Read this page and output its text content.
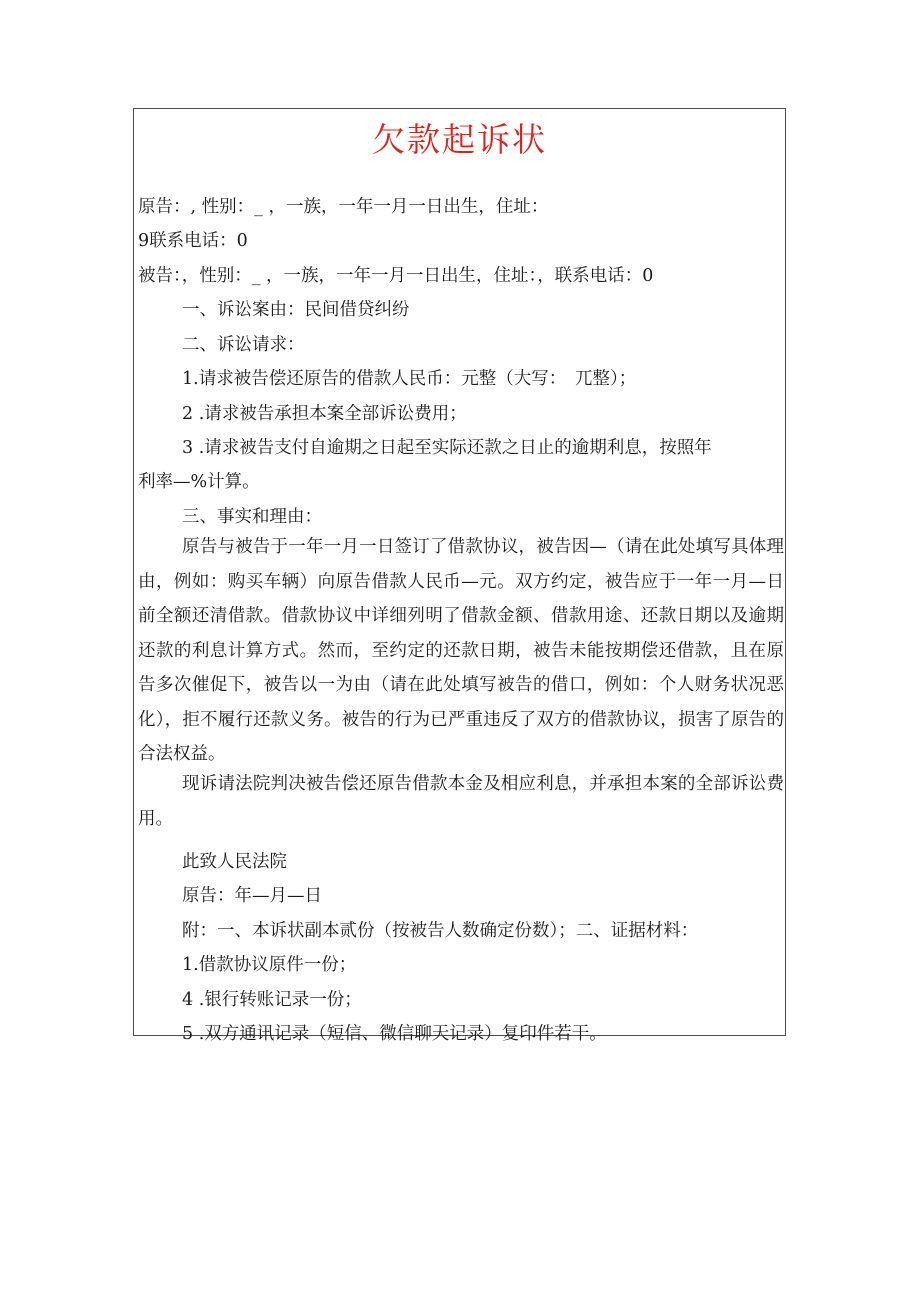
欠款起诉状
原告：, 性别：_ ，一族，一年一月一日出生，住址：
9联系电话：0
被告：，性别：_ ，一族，一年一月一日出生，住址：，联系电话：0
一、诉讼案由：民间借贷纠纷
二、诉讼请求：
1.请求被告偿还原告的借款人民币：元整（大写：　兀整）；
2 .请求被告承担本案全部诉讼费用；
3 .请求被告支付自逾期之日起至实际还款之日止的逾期利息，按照年
利率—%计算。
三、事实和理由：

原告与被告于一年一月一日签订了借款协议，被告因—（请在此处填写具体理由，例如：购买车辆）向原告借款人民币—元。双方约定，被告应于一年一月—日前全额还清借款。借款协议中详细列明了借款金额、借款用途、还款日期以及逾期还款的利息计算方式。然而，至约定的还款日期，被告未能按期偿还借款，且在原告多次催促下，被告以一为由（请在此处填写被告的借口，例如：个人财务状况恶化），拒不履行还款义务。被告的行为已严重违反了双方的借款协议，损害了原告的合法权益。

现诉请法院判决被告偿还原告借款本金及相应利息，并承担本案的全部诉讼费用。

此致人民法院
原告：年—月—日
附：一、本诉状副本贰份（按被告人数确定份数）；二、证据材料：
1.借款协议原件一份；
4 .银行转账记录一份；
5 .双方通讯记录（短信、微信聊天记录）复印件若干。
